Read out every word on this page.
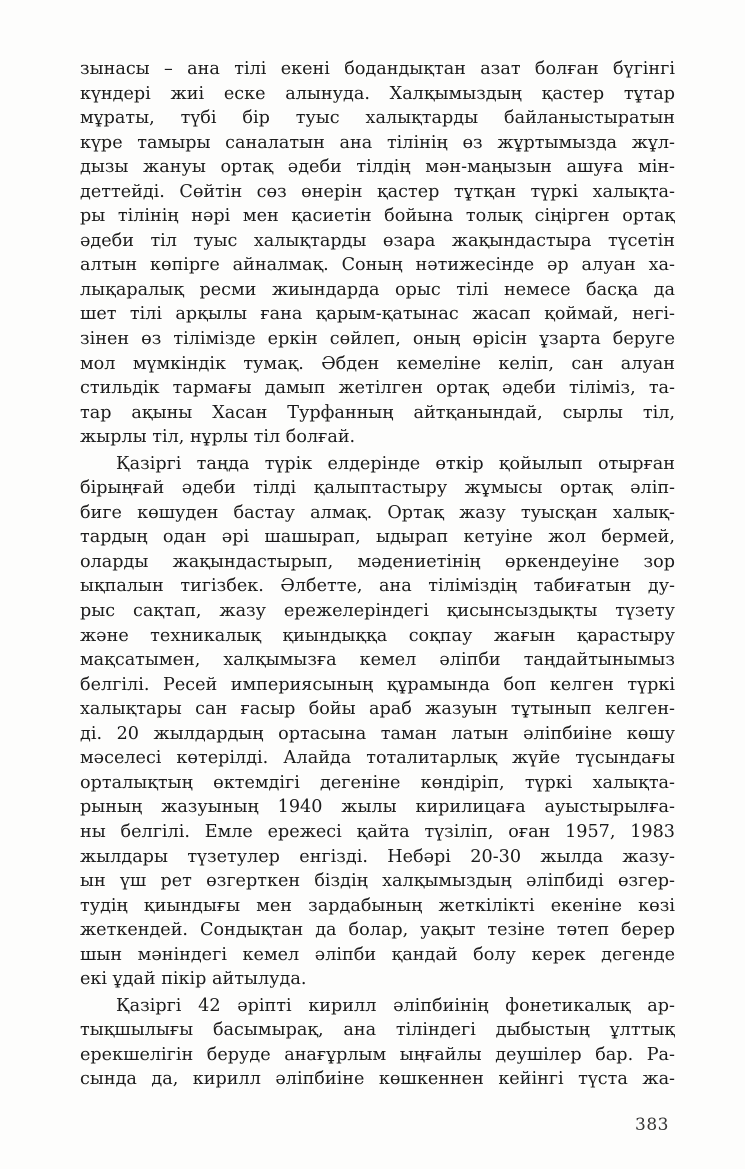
зынасы – ана тілі екені бодандықтан азат болған бүгінгі
күндері жиі еске алынуда. Халқымыздың қастер тұтар
мұраты, түбі бір туыс халықтарды байланыстыратын
күре тамыры саналатын ана тілінің өз жұртымызда жұл-
дызы жануы ортақ әдеби тілдің мән-маңызын ашуға мін-
деттейді. Сөйтін сөз өнерін қастер тұтқан түркі халықта-
ры тілінің нәрі мен қасиетін бойына толық сіңірген ортақ
әдеби тіл туыс халықтарды өзара жақындастыра түсетін
алтын көпірге айналмақ. Соның нәтижесінде әр алуан ха-
лықаралық ресми жиындарда орыс тілі немесе басқа да
шет тілі арқылы ғана қарым-қатынас жасап қоймай, негі-
зінен өз тілімізде еркін сөйлеп, оның өрісін ұзарта беруге
мол мүмкіндік тумақ. Әбден кемеліне келіп, сан алуан
стильдік тармағы дамып жетілген ортақ әдеби тіліміз, та-
тар ақыны Хасан Турфанның айтқанындай, сырлы тіл,
жырлы тіл, нұрлы тіл болғай.
Қазіргі таңда түрік елдерінде өткір қойылып отырған
бірыңғай әдеби тілді қалыптастыру жұмысы ортақ әліп-
биге көшуден бастау алмақ. Ортақ жазу туысқан халық-
тардың одан әрі шашырап, ыдырап кетуіне жол бермей,
оларды жақындастырып, мәдениетінің өркендеуіне зор
ықпалын тигізбек. Әлбетте, ана тіліміздің табиғатын ду-
рыс сақтап, жазу ережелеріндегі қисынсыздықты түзету
және техникалық қиындыққа соқпау жағын қарастыру
мақсатымен, халқымызға кемел әліпби таңдайтынымыз
белгілі. Ресей империясының құрамында боп келген түркі
халықтары сан ғасыр бойы араб жазуын тұтынып келген-
ді. 20 жылдардың ортасына таман латын әліпбиіне көшу
мәселесі көтерілді. Алайда тоталитарлық жүйе түсындағы
орталықтың өктемдігі дегеніне көндіріп, түркі халықта-
рының жазуының 1940 жылы кирилицаға ауыстырылға-
ны белгілі. Емле ережесі қайта түзіліп, оған 1957, 1983
жылдары түзетулер енгізді. Небәрі 20-30 жылда жазу-
ын үш рет өзгерткен біздің халқымыздың әліпбиді өзгер-
тудің қиындығы мен зардабының жеткілікті екеніне көзі
жеткендей. Сондықтан да болар, уақыт тезіне төтеп берер
шын мәніндегі кемел әліпби қандай болу керек дегенде
екі ұдай пікір айтылуда.
Қазіргі 42 әріпті кирилл әліпбиінің фонетикалық ар-
тықшылығы басымырақ, ана тіліндегі дыбыстың ұлттық
ерекшелігін беруде анағұрлым ыңғайлы деушілер бар. Ра-
сында да, кирилл әліпбиіне көшкеннен кейінгі түста жа-
383
